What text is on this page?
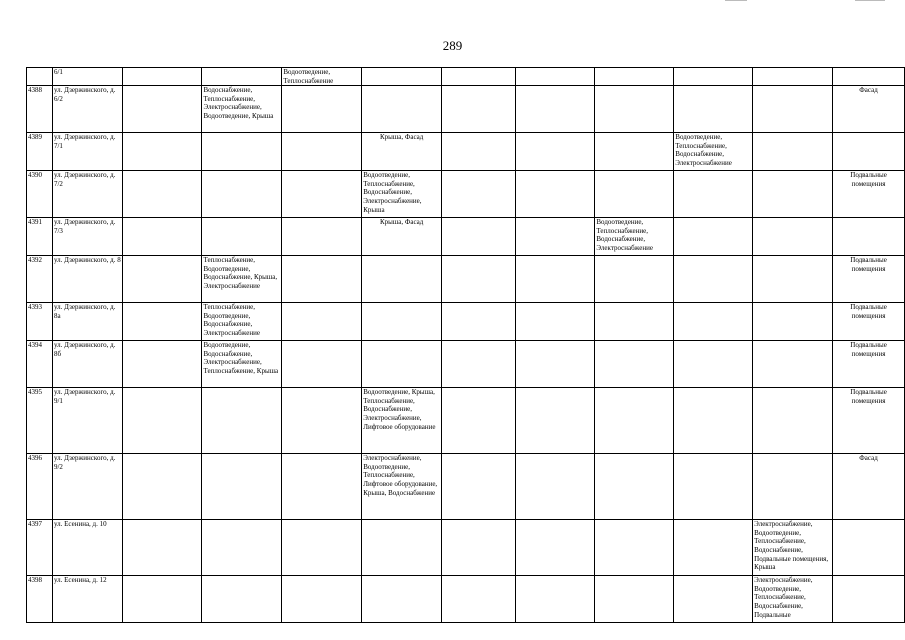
289
	6/1			Водоотведение, Теплоснабжение							
4388	ул. Дзержинского, д. 6/2		Водоснабжение, Теплоснабжение, Электроснабжение, Водоотведение, Крыша								Фасад
4389	ул. Дзержинского, д. 7/1				Крыша, Фасад				Водоотведение, Теплоснабжение, Водоснабжение, Электроснабжение		
4390	ул. Дзержинского, д. 7/2				Водоотведение, Теплоснабжение, Водоснабжение, Электроснабжение, Крыша						Подвальные помещения
4391	ул. Дзержинского, д. 7/3				Крыша, Фасад			Водоотведение, Теплоснабжение, Водоснабжение, Электроснабжение			
4392	ул. Дзержинского, д. 8		Теплоснабжение, Водоотведение, Водоснабжение, Крыша, Электроснабжение								Подвальные помещения
4393	ул. Дзержинского, д. 8а		Теплоснабжение, Водоотведение, Водоснабжение, Электроснабжение								Подвальные помещения
4394	ул. Дзержинского, д. 8б		Водоотведение, Водоснабжение, Электроснабжение, Теплоснабжение, Крыша								Подвальные помещения
4395	ул. Дзержинского, д. 9/1				Водоотведение, Крыша, Теплоснабжение, Водоснабжение, Электроснабжение, Лифтовое оборудование						Подвальные помещения
4396	ул. Дзержинского, д. 9/2				Электроснабжение, Водоотведение, Теплоснабжение, Лифтовое оборудование, Крыша, Водоснабжение						Фасад
4397	ул. Есенина, д. 10									Электроснабжение, Водоотведение, Теплоснабжение, Водоснабжение, Подвальные помещения, Крыша	
4398	ул. Есенина, д. 12									Электроснабжение, Водоотведение, Теплоснабжение, Водоснабжение, Подвальные	
